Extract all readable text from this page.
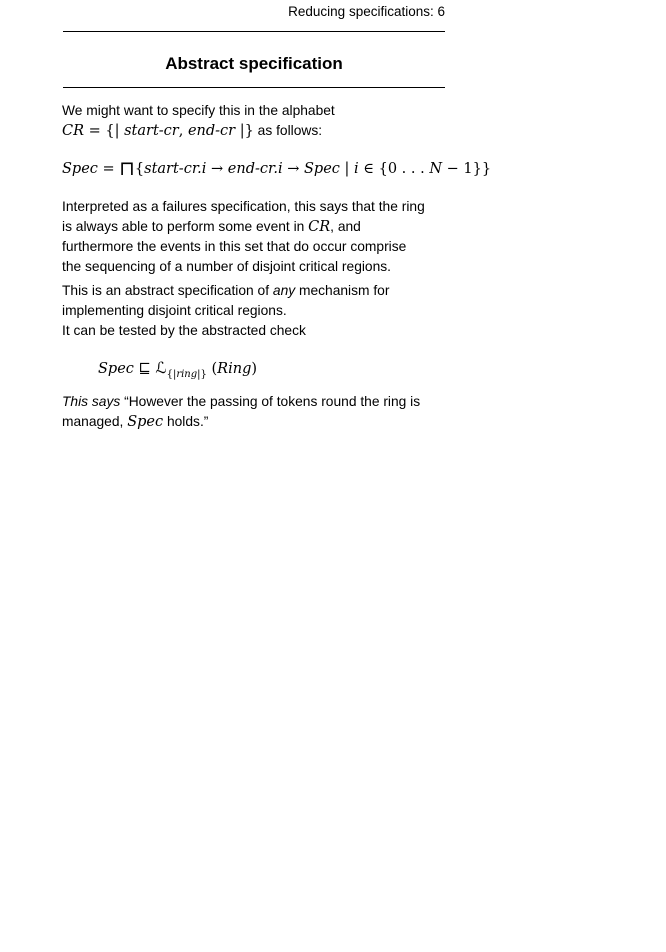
Reducing specifications: 6
Abstract specification
We might want to specify this in the alphabet
CR = {| start-cr, end-cr |} as follows:
Spec = ⊓{start-cr.i → end-cr.i → Spec | i ∈ {0 . . . N − 1}}
Interpreted as a failures specification, this says that the ring
is always able to perform some event in CR, and
furthermore the events in this set that do occur comprise
the sequencing of a number of disjoint critical regions.
This is an abstract specification of any mechanism for
implementing disjoint critical regions.
It can be tested by the abstracted check
Spec ⊑ ℒ$_{\{|ring|\}}$ (Ring)
This says “However the passing of tokens round the ring is
managed, Spec holds.”
